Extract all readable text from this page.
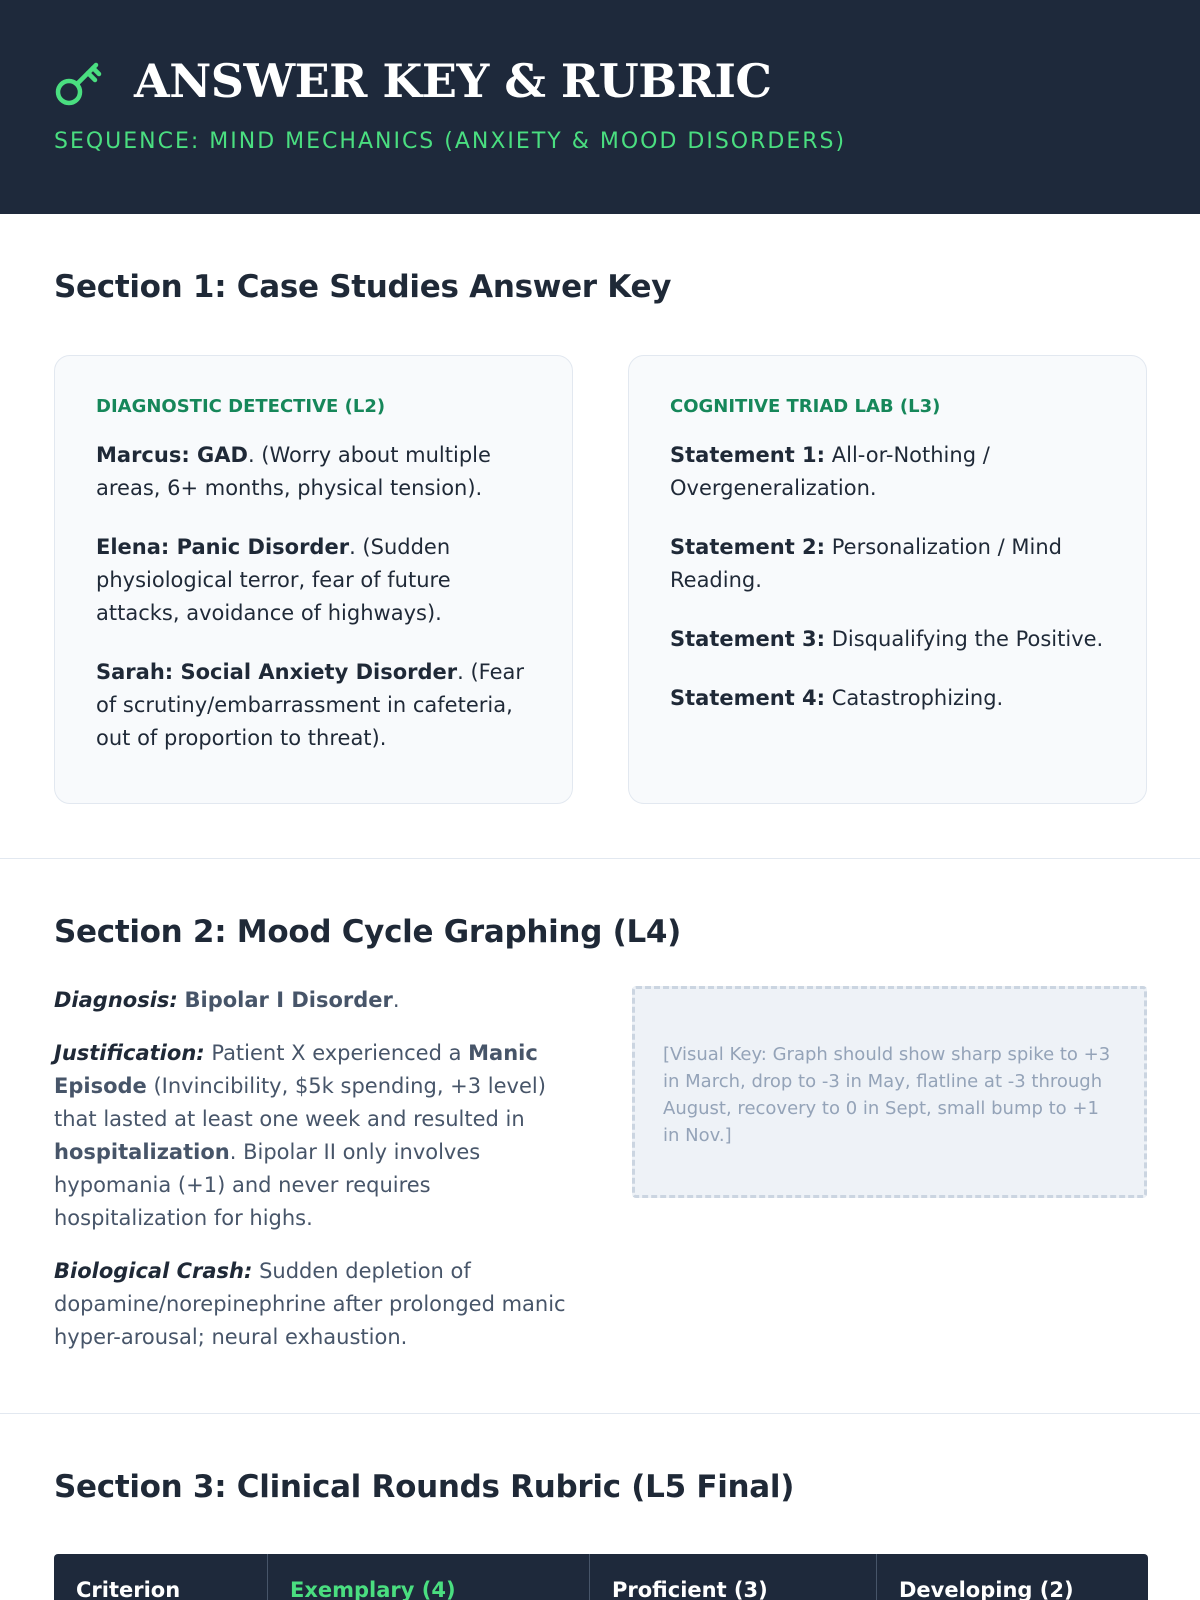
ANSWER KEY & RUBRIC
SEQUENCE: MIND MECHANICS (ANXIETY & MOOD DISORDERS)
Section 1: Case Studies Answer Key
DIAGNOSTIC DETECTIVE (L2)

Marcus: GAD. (Worry about multiple areas, 6+ months, physical tension).

Elena: Panic Disorder. (Sudden physiological terror, fear of future attacks, avoidance of highways).

Sarah: Social Anxiety Disorder. (Fear of scrutiny/embarrassment in cafeteria, out of proportion to threat).

COGNITIVE TRIAD LAB (L3)

Statement 1: All-or-Nothing / Overgeneralization.

Statement 2: Personalization / Mind Reading.

Statement 3: Disqualifying the Positive.

Statement 4: Catastrophizing.

Section 2: Mood Cycle Graphing (L4)

Diagnosis: Bipolar I Disorder.

Justification: Patient X experienced a Manic Episode (Invincibility, $5k spending, +3 level) that lasted at least one week and resulted in hospitalization. Bipolar II only involves hypomania (+1) and never requires hospitalization for highs.

Biological Crash: Sudden depletion of dopamine/norepinephrine after prolonged manic hyper-arousal; neural exhaustion.

[Visual Key: Graph should show sharp spike to +3 in March, drop to -3 in May, flatline at -3 through August, recovery to 0 in Sept, small bump to +1 in Nov.]
Section 3: Clinical Rounds Rubric (L5 Final)
Criterion	Exemplary (4)	Proficient (3)	Developing (2)
